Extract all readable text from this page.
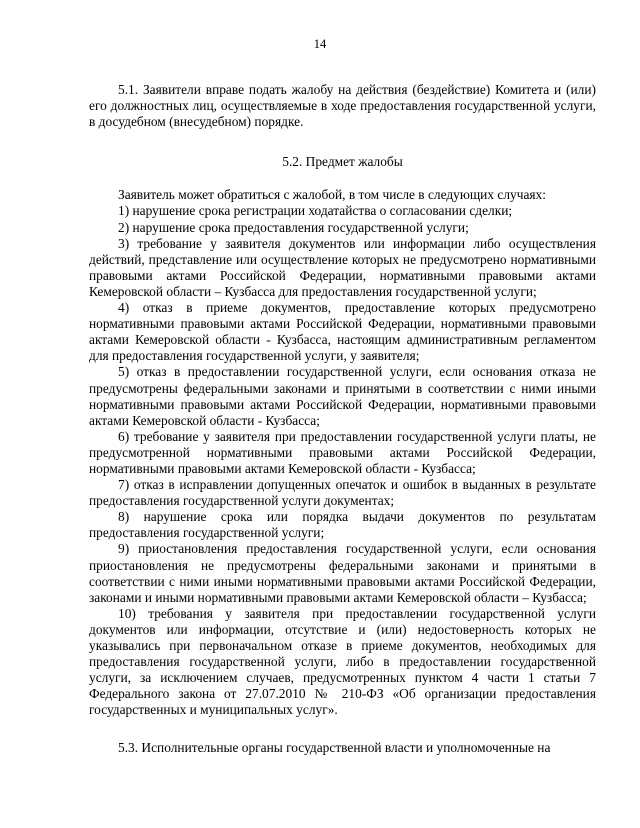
14

5.1. Заявители вправе подать жалобу на действия (бездействие) Комитета и (или) его должностных лиц, осуществляемые в ходе предоставления государственной услуги, в досудебном (внесудебном) порядке.

5.2. Предмет жалобы

Заявитель может обратиться с жалобой, в том числе в следующих случаях:

1) нарушение срока регистрации ходатайства о согласовании сделки;

2) нарушение срока предоставления государственной услуги;

3) требование у заявителя документов или информации либо осуществления действий, представление или осуществление которых не предусмотрено нормативными правовыми актами Российской Федерации, нормативными правовыми актами Кемеровской области – Кузбасса для предоставления государственной услуги;

4) отказ в приеме документов, предоставление которых предусмотрено нормативными правовыми актами Российской Федерации, нормативными правовыми актами Кемеровской области - Кузбасса, настоящим административным регламентом для предоставления государственной услуги, у заявителя;

5) отказ в предоставлении государственной услуги, если основания отказа не предусмотрены федеральными законами и принятыми в соответствии с ними иными нормативными правовыми актами Российской Федерации, нормативными правовыми актами Кемеровской области - Кузбасса;

6) требование у заявителя при предоставлении государственной услуги платы, не предусмотренной нормативными правовыми актами Российской Федерации, нормативными правовыми актами Кемеровской области - Кузбасса;

7) отказ в исправлении допущенных опечаток и ошибок в выданных в результате предоставления государственной услуги документах;

8) нарушение срока или порядка выдачи документов по результатам предоставления государственной услуги;

9) приостановления предоставления государственной услуги, если основания приостановления не предусмотрены федеральными законами и принятыми в соответствии с ними иными нормативными правовыми актами Российской Федерации, законами и иными нормативными правовыми актами Кемеровской области – Кузбасса;

10) требования у заявителя при предоставлении государственной услуги документов или информации, отсутствие и (или) недостоверность которых не указывались при первоначальном отказе в приеме документов, необходимых для предоставления государственной услуги, либо в предоставлении государственной услуги, за исключением случаев, предусмотренных пунктом 4 части 1 статьи 7 Федерального закона от 27.07.2010 № 210-ФЗ «Об организации предоставления государственных и муниципальных услуг».

5.3. Исполнительные органы государственной власти и уполномоченные на
